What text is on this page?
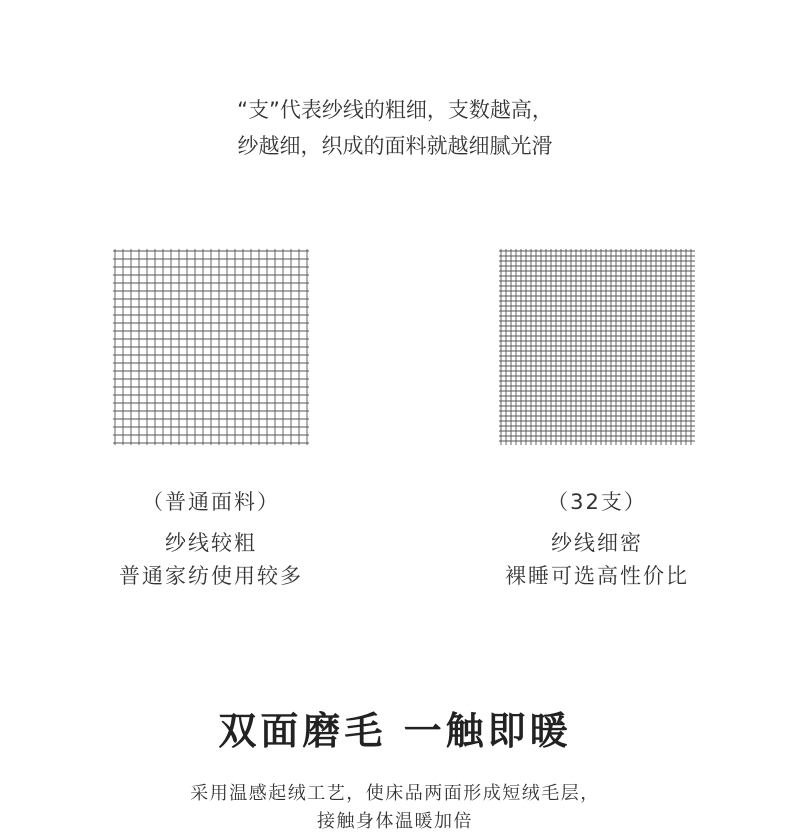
“支”代表纱线的粗细，支数越高，
纱越细，织成的面料就越细腻光滑
（普通面料）
纱线较粗
普通家纺使用较多
（32支）
纱线细密
裸睡可选高性价比
双面磨毛 一触即暖
采用温感起绒工艺，使床品两面形成短绒毛层，
接触身体温暖加倍
